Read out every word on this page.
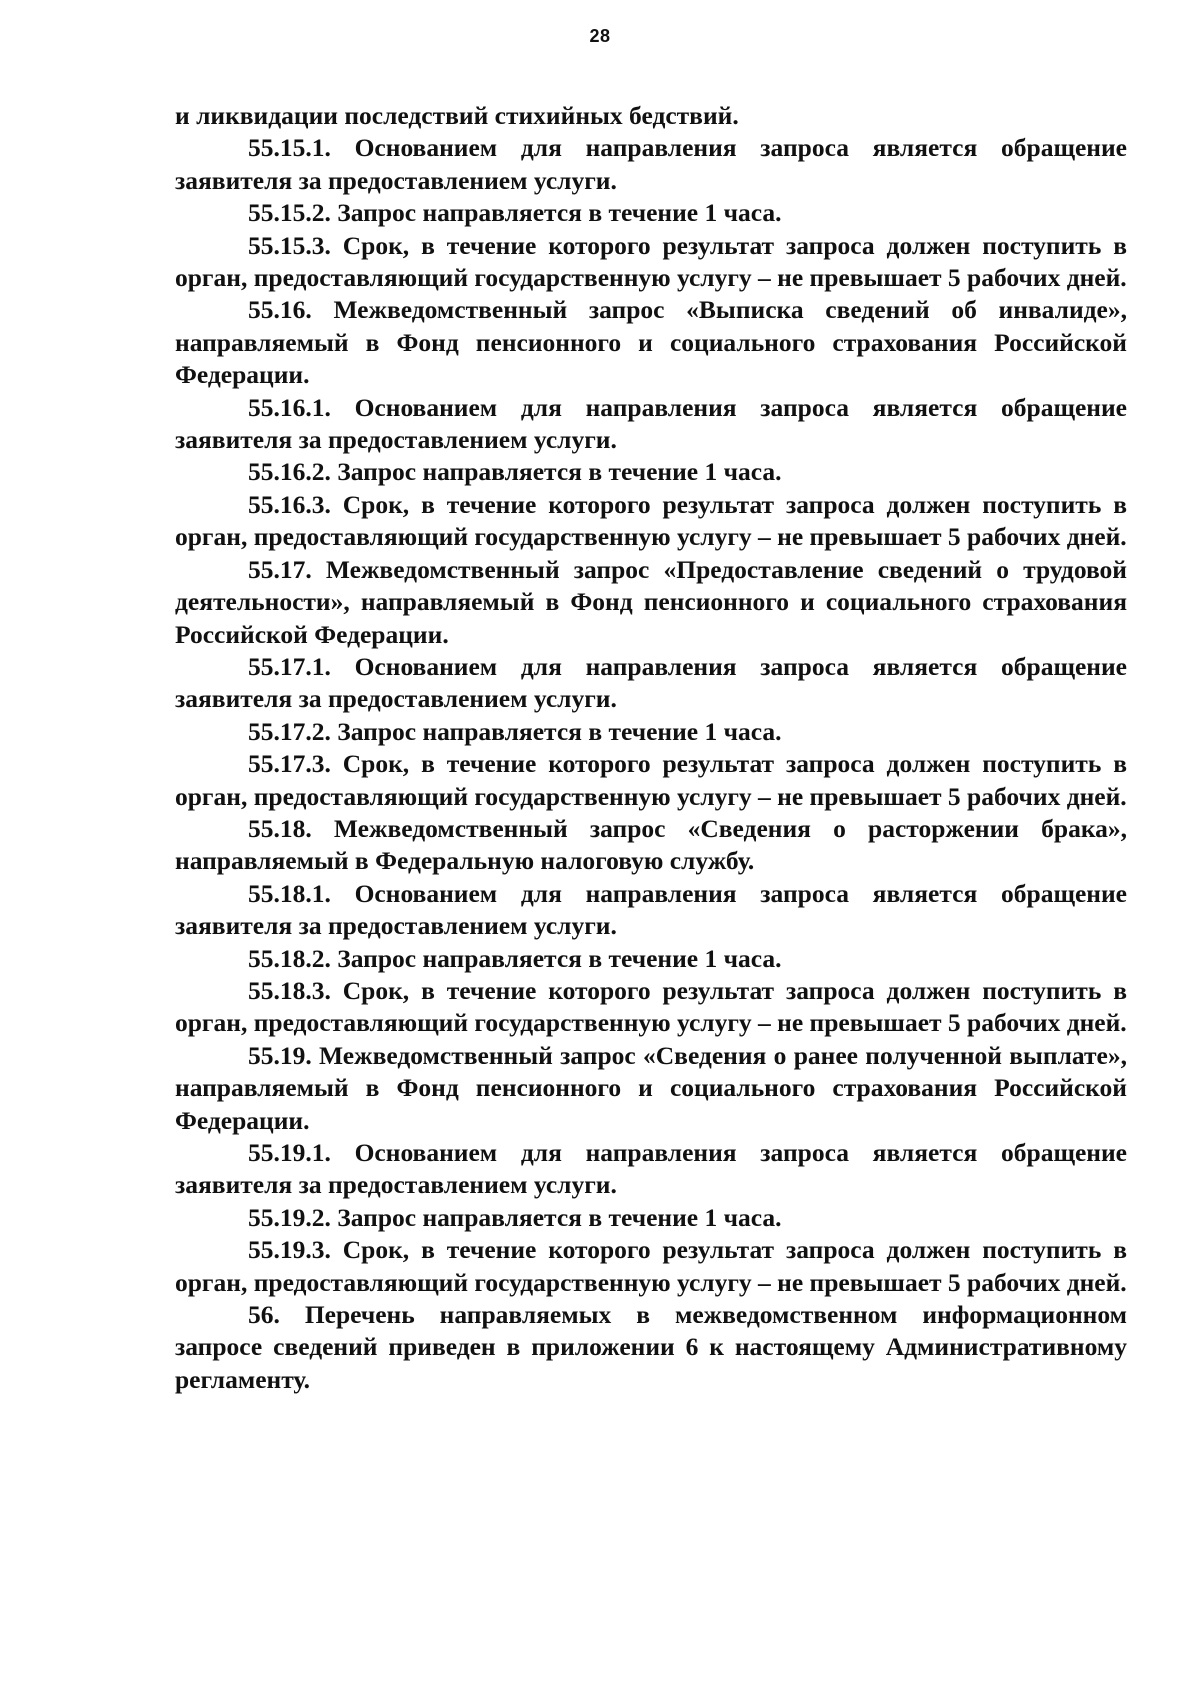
28

и ликвидации последствий стихийных бедствий.

55.15.1. Основанием для направления запроса является обращение заявителя за предоставлением услуги.

55.15.2. Запрос направляется в течение 1 часа.

55.15.3. Срок, в течение которого результат запроса должен поступить в орган, предоставляющий государственную услугу – не превышает 5 рабочих дней.

55.16. Межведомственный запрос «Выписка сведений об инвалиде», направляемый в Фонд пенсионного и социального страхования Российской Федерации.

55.16.1. Основанием для направления запроса является обращение заявителя за предоставлением услуги.

55.16.2. Запрос направляется в течение 1 часа.

55.16.3. Срок, в течение которого результат запроса должен поступить в орган, предоставляющий государственную услугу – не превышает 5 рабочих дней.

55.17. Межведомственный запрос «Предоставление сведений о трудовой деятельности», направляемый в Фонд пенсионного и социального страхования Российской Федерации.

55.17.1. Основанием для направления запроса является обращение заявителя за предоставлением услуги.

55.17.2. Запрос направляется в течение 1 часа.

55.17.3. Срок, в течение которого результат запроса должен поступить в орган, предоставляющий государственную услугу – не превышает 5 рабочих дней.

55.18. Межведомственный запрос «Сведения о расторжении брака», направляемый в Федеральную налоговую службу.

55.18.1. Основанием для направления запроса является обращение заявителя за предоставлением услуги.

55.18.2. Запрос направляется в течение 1 часа.

55.18.3. Срок, в течение которого результат запроса должен поступить в орган, предоставляющий государственную услугу – не превышает 5 рабочих дней.

55.19. Межведомственный запрос «Сведения о ранее полученной выплате», направляемый в Фонд пенсионного и социального страхования Российской Федерации.

55.19.1. Основанием для направления запроса является обращение заявителя за предоставлением услуги.

55.19.2. Запрос направляется в течение 1 часа.

55.19.3. Срок, в течение которого результат запроса должен поступить в орган, предоставляющий государственную услугу – не превышает 5 рабочих дней.

56. Перечень направляемых в межведомственном информационном запросе сведений приведен в приложении 6 к настоящему Административному регламенту.
